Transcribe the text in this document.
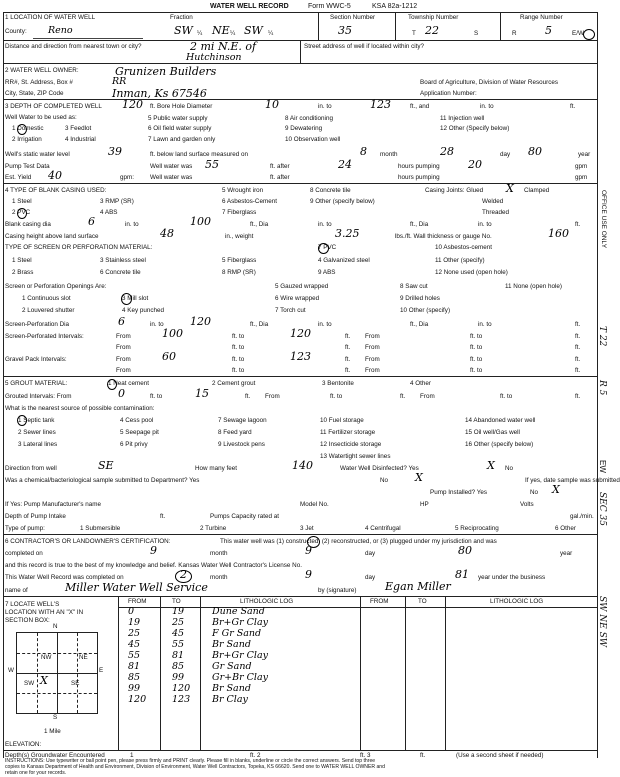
WATER WELL RECORD	Form WWC-5	KSA 82a-1212
1 LOCATION OF WATER WELL
County: Reno
Fraction
SW ¼ NE ¼ SW ¼
Section Number
35
Township Number
T 22	S
Range Number
R	5	E/W
Distance and direction from nearest town or city?	2 mi N.E. of
Hutchinson
Street address of well if located within city?
2 WATER WELL OWNER:	Grunizen Builders
RR#, St. Address, Box #	RR
City, State, ZIP Code	Inman, Ks 67546
Board of Agriculture, Division of Water Resources
Application Number:
3 DEPTH OF COMPLETED WELL 120 ft. Bore Hole Diameter	10	in. to	123	ft., and	in. to	ft.
Well Water to be used as:
1 Domestic	3 Feedlot
5 Public water supply	8 Air conditioning	11 Injection well
2 Irrigation	4 Industrial
6 Oil field water supply	9 Dewatering	12 Other (Specify below)
7 Lawn and garden only	10 Observation well
Well's static water level	39	ft. below land surface measured on	8 month	28	day 80	year
Pump Test Data	Well water was 55	ft. after	24	hours pumping	20	gpm
Est. Yield 40	gpm:	Well water was	ft. after	hours pumping	gpm
4 TYPE OF BLANK CASING USED:	5 Wrought iron	8 Concrete tile	Casing Joints: Glued X Clamped
1 Steel	3 RMP (SR)	6 Asbestos-Cement	9 Other (specify below)	Welded
2 PVC	4 ABS	7 Fiberglass	Threaded
Blank casing dia	6	in. to	100	ft., Dia	in. to	ft., Dia	in. to	ft.
Casing height above land surface	48	in., weight	3.25	lbs./ft. Wall thickness or gauge No.	160
TYPE OF SCREEN OR PERFORATION MATERIAL:	7 PVC	10 Asbestos-cement
1 Steel	3 Stainless steel	5 Fiberglass	4 Galvanized steel	11 Other (specify)
2 Brass	6 Concrete tile	8 RMP (SR)	9 ABS	12 None used (open hole)
Screen or Perforation Openings Are:	5 Gauzed wrapped	8 Saw cut	11 None (open hole)
1 Continuous slot	3 Mill slot	6 Wire wrapped	9 Drilled holes
2 Louvered shutter	4 Key punched	7 Torch cut	10 Other (specify)
Screen-Perforation Dia	6	in. to 120	ft., Dia	in. to	ft., Dia	in. to	ft.
Screen-Perforated Intervals:	From	100	ft. to	120	ft. From	ft. to	ft.
From	ft. to	ft. From	ft. to	ft.
Gravel Pack Intervals:	From	60	ft. to	123	ft. From	ft. to	ft.
From	ft. to	ft. From	ft. to	ft.
5 GROUT MATERIAL:	1 Neat cement	2 Cement grout	3 Bentonite	4 Other
Grouted Intervals: From	0	ft. to	15	ft. From	ft. to	ft. From	ft. to	ft.
What is the nearest source of possible contamination:
1 Septic tank	4 Cess pool	7 Sewage lagoon	10 Fuel storage	14 Abandoned water well
2 Sewer lines	5 Seepage pit	8 Feed yard	11 Fertilizer storage	15 Oil well/Gas well
3 Lateral lines	6 Pit privy	9 Livestock pens	12 Insecticide storage	16 Other (specify below)
13 Watertight sewer lines
Direction from well	SE	How many feet	140	Water Well Disinfected? Yes	X No
Was a chemical/bacteriological sample submitted to Department? Yes	No X	If yes, date sample was submitted
Pump Installed? Yes	No X
If Yes: Pump Manufacturer's name	Model No.	HP	Volts
Depth of Pump Intake	ft.	Pumps Capacity rated at	gal./min.
Type of pump:	1 Submersible	2 Turbine	3 Jet	4 Centrifugal	5 Reciprocating	6 Other
6 CONTRACTOR'S OR LANDOWNER'S CERTIFICATION:	This water well was (1) constructed, (2) reconstructed, or (3) plugged under my jurisdiction and was
completed on	9	month	9	day	80	year
and this record is true to the best of my knowledge and belief. Kansas Water Well Contractor's License No.
This Water Well Record was completed on	2	month	9	day	81 year under the business
name of	Miller Water Well Service	by (signature)	Egan Miller
7 LOCATE WELL'S LOCATION WITH AN "X" IN SECTION BOX:
NW	NE
SW	SE
X
N
S
W	E
1 Mile
ELEVATION:
FROM	TO	LITHOLOGIC LOG	FROM	TO	LITHOLOGIC LOG
0	19	Dune Sand
19	25	Br+Gr Clay
25	45	F Gr Sand
45	55	Br Sand
55	81	Br+Gr Clay
81	85	Gr Sand
85	99	Gr+Br Clay
99	120 Br Sand
120	123 Br Clay
Depth(s) Groundwater Encountered	1	ft. 2	ft. 3	ft.	(Use a second sheet if needed)
INSTRUCTIONS: Use typewriter or ball point pen, please press firmly and PRINT clearly. Please fill in blanks, underline or circle the correct answers. Send top three
copies to Kansas Department of Health and Environment, Division of Environment, Water Well Contractors, Topeka, KS 66620. Send one to WATER WELL OWNER and
retain one for your records.
OFFICE USE ONLY
T 22
R 5
EW
SEC 35
SW NE SW
